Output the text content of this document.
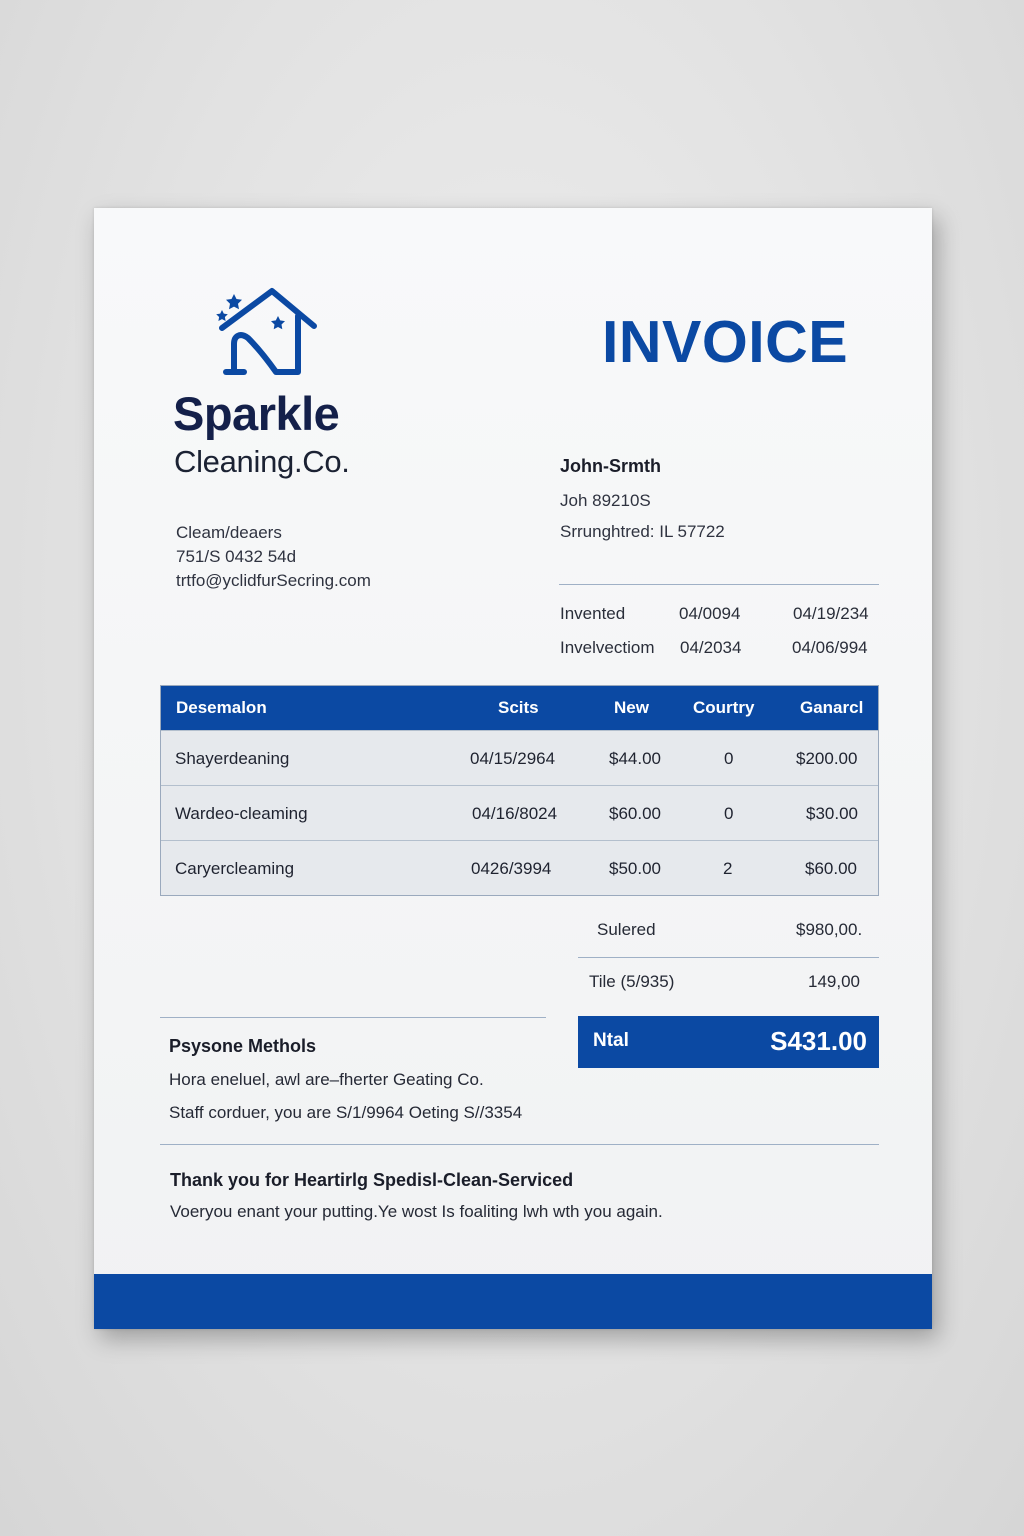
Sparkle
Cleaning.Co.
Cleam/deaers
751/S 0432 54d
trtfo@yclidfurSecring.com
INVOICE
John-Srmth
Joh 89210S
Srrunghtred: IL 57722
Invented	04/0094	04/19/234
Invelvectiom 04/2034	04/06/994
Desemalon	Scits	New	Courtry	Ganarcl
Shayerdeaning	04/15/2964	$44.00	0	$200.00
Wardeo-cleaming	04/16/8024	$60.00	0	$30.00
Caryercleaming	0426/3994	$50.00	2	$60.00
Sulered	$980,00.
Tile (5/935)	149,00
Ntal	S431.00
Psysone Methols
Hora eneluel, awl are–fherter Geating Co.
Staff corduer, you are S/1/9964 Oeting S//3354
Thank you for Heartirlg Spedisl-Clean-Serviced
Voeryou enant your putting.Ye wost Is foaliting lwh wth you again.
